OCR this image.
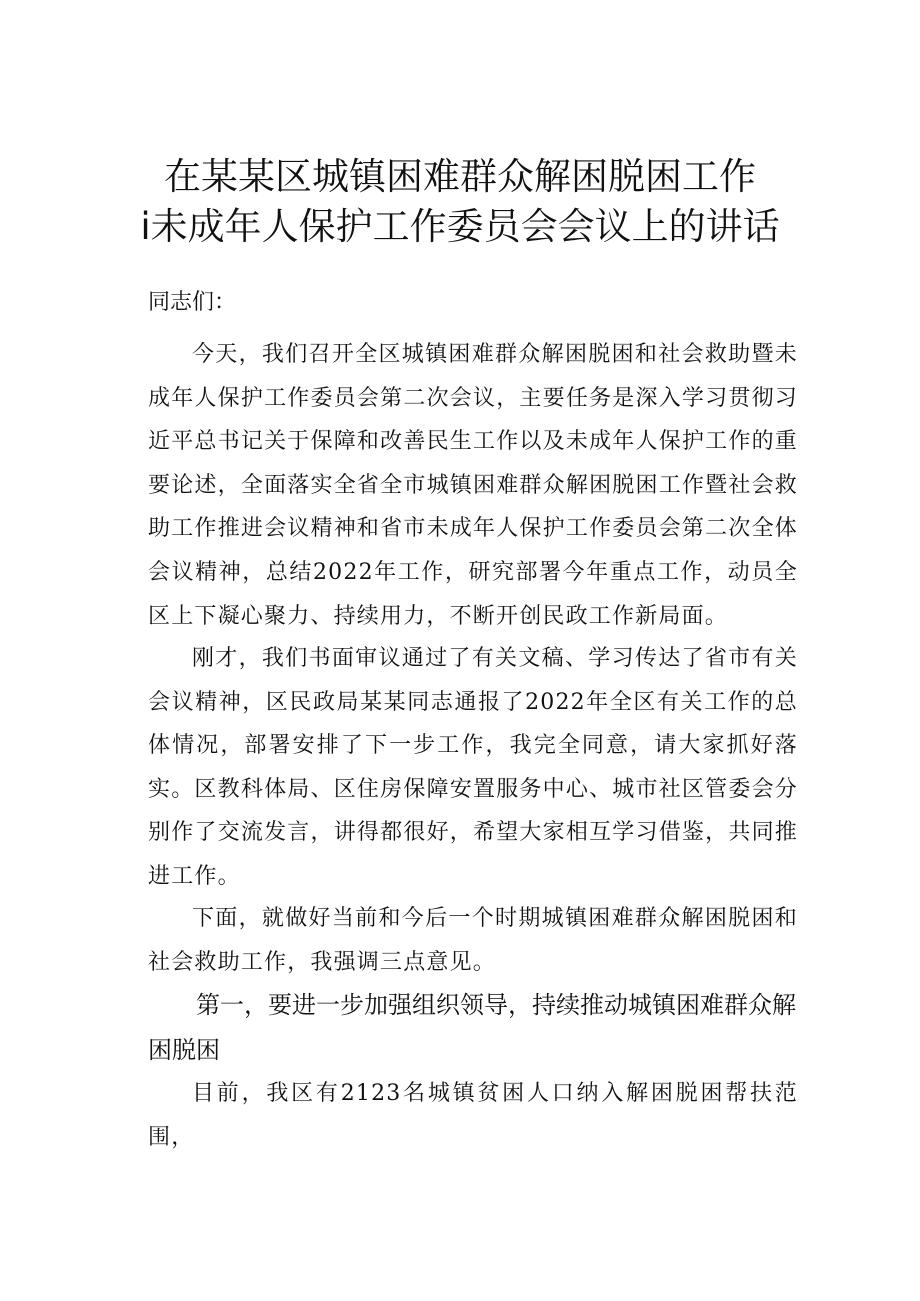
在某某区城镇困难群众解困脱困工作
i未成年人保护工作委员会会议上的讲话

同志们：

今天，我们召开全区城镇困难群众解困脱困和社会救助暨未成年人保护工作委员会第二次会议，主要任务是深入学习贯彻习近平总书记关于保障和改善民生工作以及未成年人保护工作的重要论述，全面落实全省全市城镇困难群众解困脱困工作暨社会救助工作推进会议精神和省市未成年人保护工作委员会第二次全体会议精神，总结2022年工作，研究部署今年重点工作，动员全区上下凝心聚力、持续用力，不断开创民政工作新局面。

刚才，我们书面审议通过了有关文稿、学习传达了省市有关会议精神，区民政局某某同志通报了2022年全区有关工作的总体情况，部署安排了下一步工作，我完全同意，请大家抓好落实。区教科体局、区住房保障安置服务中心、城市社区管委会分别作了交流发言，讲得都很好，希望大家相互学习借鉴，共同推进工作。

下面，就做好当前和今后一个时期城镇困难群众解困脱困和社会救助工作，我强调三点意见。

第一，要进一步加强组织领导，持续推动城镇困难群众解困脱困

目前，我区有2123名城镇贫困人口纳入解困脱困帮扶范围，
